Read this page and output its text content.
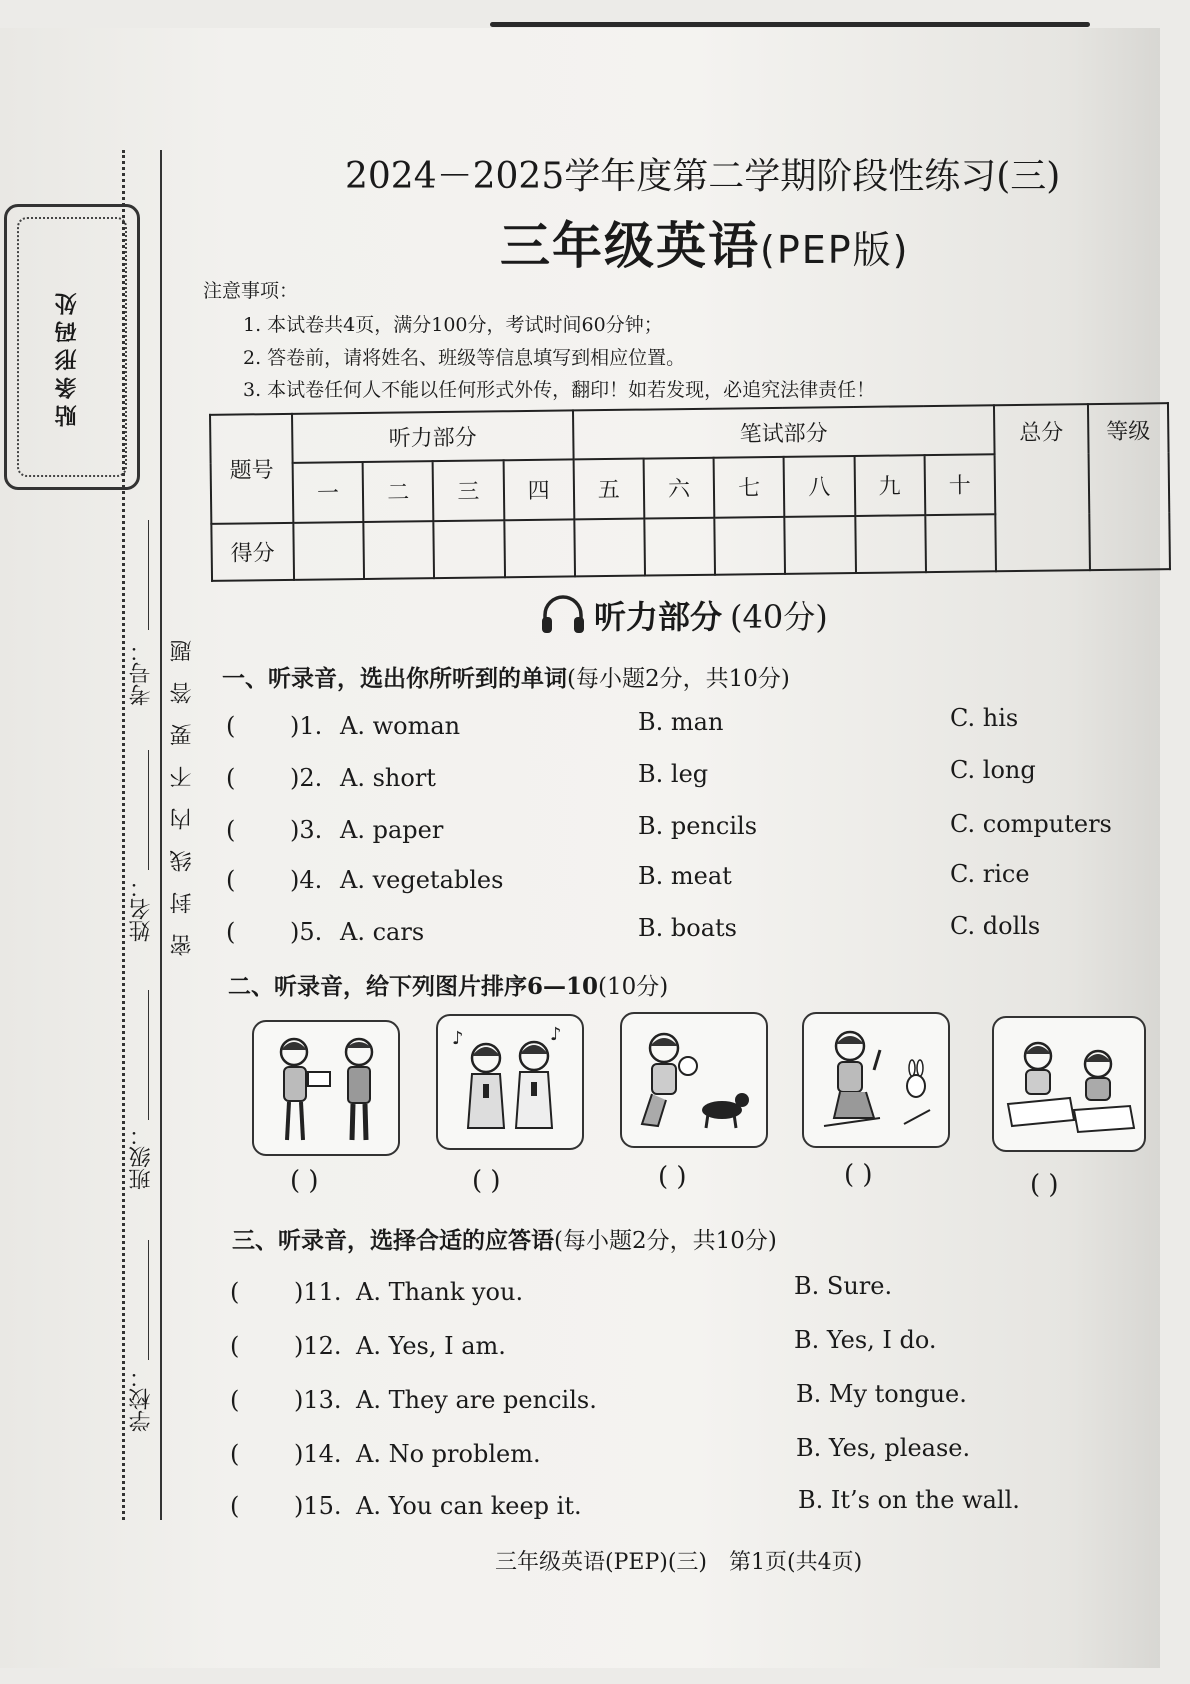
贴条形码处
密封线内不要答题
考号：
姓名：
班级：
学校：
2024－2025学年度第二学期阶段性练习(三)
三年级英语(PEP版)
注意事项：
1. 本试卷共4页，满分100分，考试时间60分钟；
2. 答卷前，请将姓名、班级等信息填写到相应位置。
3. 本试卷任何人不能以任何形式外传，翻印！如若发现，必追究法律责任！
题号	听力部分				笔试部分						总分	等级
	一	二	三	四	五	六	七	八	九	十		
得分												
听力部分 (40分)
一、听录音，选出你所听到的单词(每小题2分，共10分)
( )1. A. woman	B. man	C. his
( )2. A. short	B. leg	C. long
( )3. A. paper	B. pencils	C. computers
( )4. A. vegetables	B. meat	C. rice
( )5. A. cars	B. boats	C. dolls
二、听录音，给下列图片排序6—10(10分)
♪	♪
( )	( )	( )	( )	( )
三、听录音，选择合适的应答语(每小题2分，共10分)
( )11. A. Thank you.	B. Sure.
( )12. A. Yes, I am.	B. Yes, I do.
( )13. A. They are pencils.	B. My tongue.
( )14. A. No problem.	B. Yes, please.
( )15. A. You can keep it.	B. It’s on the wall.
三年级英语(PEP)(三)　第1页(共4页)
